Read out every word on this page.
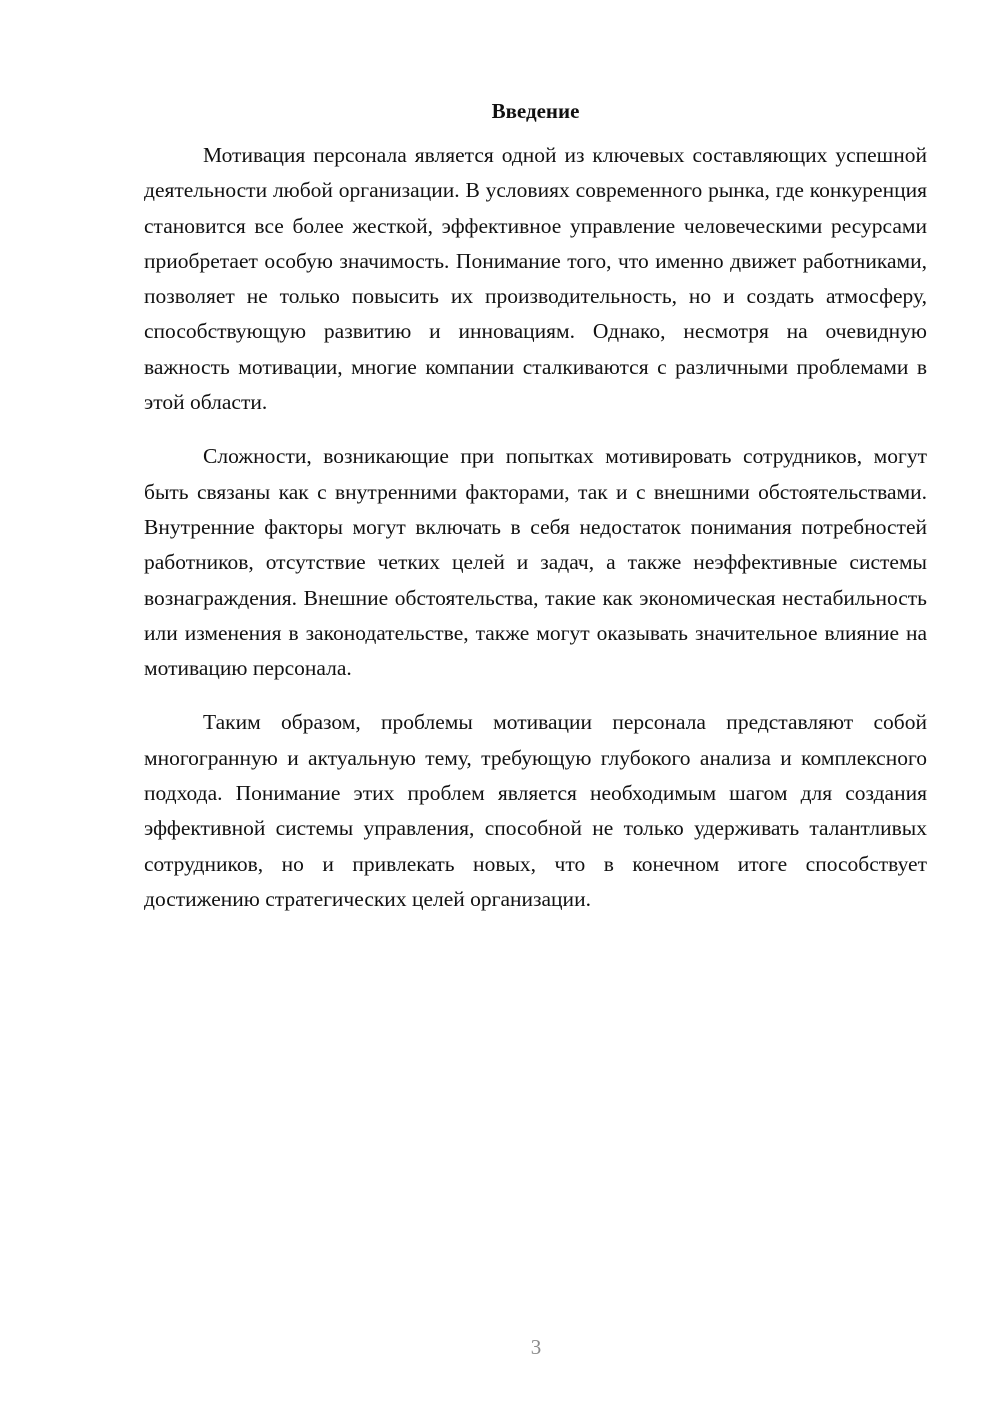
Введение

Мотивация персонала является одной из ключевых составляющих успешной деятельности любой организации. В условиях современного рынка, где конкуренция становится все более жесткой, эффективное управление человеческими ресурсами приобретает особую значимость. Понимание того, что именно движет работниками, позволяет не только повысить их производительность, но и создать атмосферу, способствующую развитию и инновациям. Однако, несмотря на очевидную важность мотивации, многие компании сталкиваются с различными проблемами в этой области.

Сложности, возникающие при попытках мотивировать сотрудников, могут быть связаны как с внутренними факторами, так и с внешними обстоятельствами. Внутренние факторы могут включать в себя недостаток понимания потребностей работников, отсутствие четких целей и задач, а также неэффективные системы вознаграждения. Внешние обстоятельства, такие как экономическая нестабильность или изменения в законодательстве, также могут оказывать значительное влияние на мотивацию персонала.

Таким образом, проблемы мотивации персонала представляют собой многогранную и актуальную тему, требующую глубокого анализа и комплексного подхода. Понимание этих проблем является необходимым шагом для создания эффективной системы управления, способной не только удерживать талантливых сотрудников, но и привлекать новых, что в конечном итоге способствует достижению стратегических целей организации.

3
